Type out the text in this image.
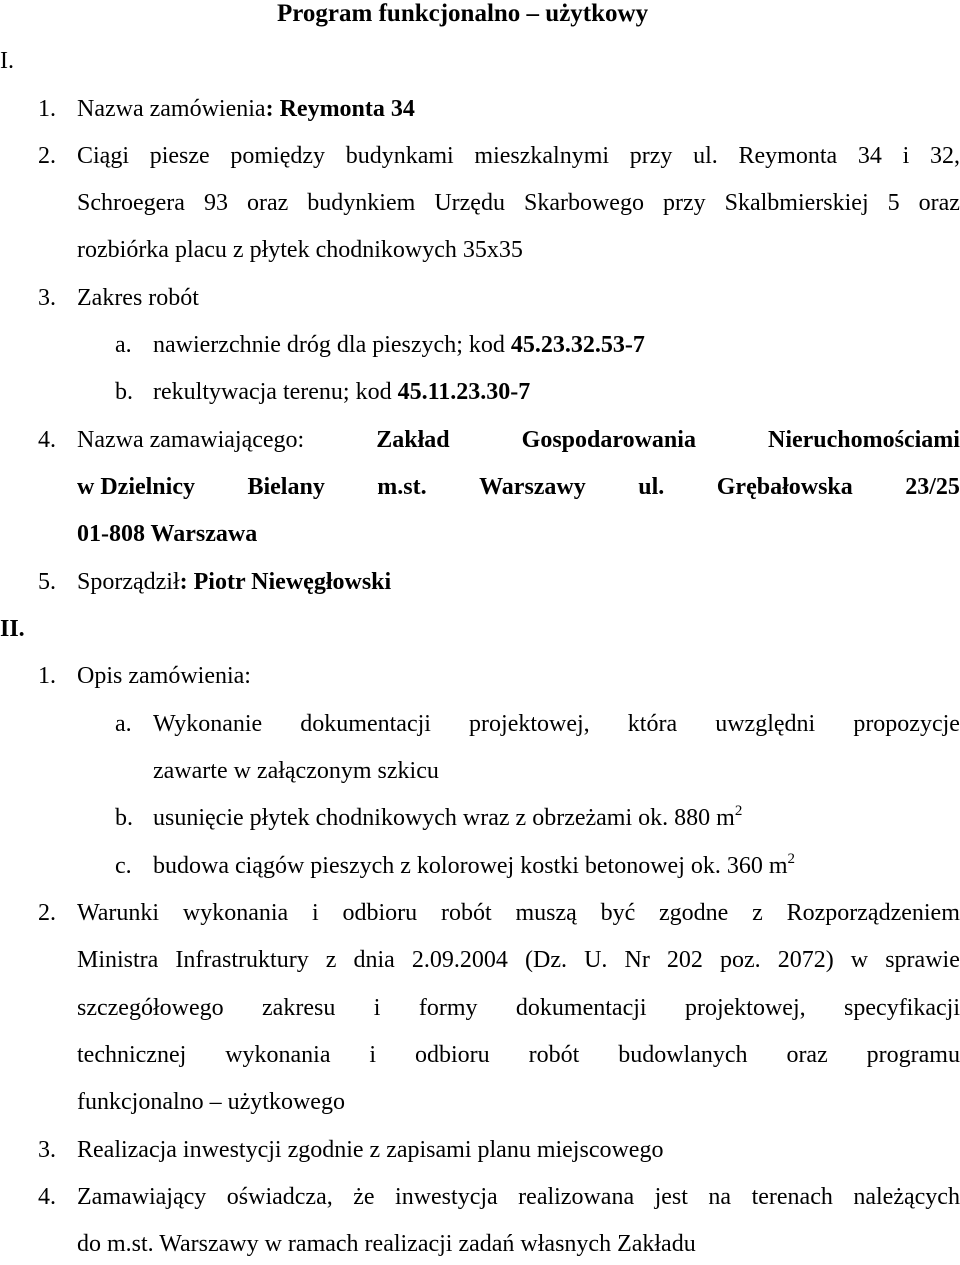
Program funkcjonalno – użytkowy
I.
1. Nazwa zamówienia: Reymonta 34
2. Ciągi piesze pomiędzy budynkami mieszkalnymi przy ul. Reymonta 34 i 32,
Schroegera 93 oraz budynkiem Urzędu Skarbowego przy Skalbmierskiej 5 oraz
rozbiórka placu z płytek chodnikowych 35x35
3. Zakres robót
a. nawierzchnie dróg dla pieszych; kod 45.23.32.53-7
b. rekultywacja terenu; kod 45.11.23.30-7
4. Nazwa zamawiającego:	Zakład	Gospodarowania	Nieruchomościami
w Dzielnicy Bielany m.st. Warszawy ul. Grębałowska 23/25
01-808 Warszawa
5. Sporządził: Piotr Niewęgłowski
II.
1. Opis zamówienia:
a. Wykonanie dokumentacji projektowej, która uwzględni propozycje
zawarte w załączonym szkicu
b. usunięcie płytek chodnikowych wraz z obrzeżami ok. 880 $m^2$
c. budowa ciągów pieszych z kolorowej kostki betonowej ok. 360 $m^2$
2. Warunki wykonania i odbioru robót muszą być zgodne z Rozporządzeniem
Ministra Infrastruktury z dnia 2.09.2004 (Dz. U. Nr 202 poz. 2072) w sprawie
szczegółowego zakresu i formy dokumentacji projektowej, specyfikacji
technicznej wykonania i odbioru robót budowlanych oraz programu
funkcjonalno – użytkowego
3. Realizacja inwestycji zgodnie z zapisami planu miejscowego
4. Zamawiający oświadcza, że inwestycja realizowana jest na terenach należących
do m.st. Warszawy w ramach realizacji zadań własnych Zakładu
